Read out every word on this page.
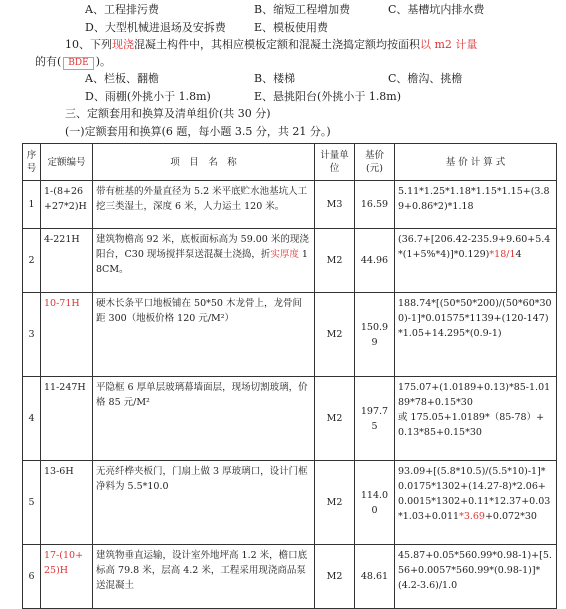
A、工程排污费	B、缩短工程增加费	C、基槽坑内排水费
D、大型机械进退场及安拆费	E、模板使用费
10、下列现浇混凝土构件中，其相应模板定额和混凝土浇捣定额均按面积以 m2 计量
的有( BDE )。
A、栏板、翻檐	B、楼梯	C、檐沟、挑檐
D、雨棚(外挑小于 1.8m)	E、悬挑阳台(外挑小于 1.8m)
三、定额套用和换算及清单组价(共 30 分)
(一)定额套用和换算(6 题，每小题 3.5 分，共 21 分。)
序号	定额编号	项　目　名　称	计量单位	基价(元)	基 价 计 算 式
1	1-(8+26+27*2)H	带有桩基的外量直径为 5.2 米平底贮水池基坑人工挖三类湿土，深度 6 米，人力运土 120 米。	M3	16.59	5.11*1.25*1.18*1.15*1.15+(3.89+0.86*2)*1.18
2	4-221H	建筑物檐高 92 米，底板面标高为 59.00 米的现浇阳台，C30 现场搅拌泵送混凝土浇捣，折实厚度 18CM。	M2	44.96	(36.7+[206.42-235.9+9.60+5.4*(1+5%*4)]*0.129)*18/14
3	10-71H	硬木长条平口地板铺在 50*50 木龙骨上，龙骨间距 300（地板价格 120 元/M²）	M2	150.99	188.74*[(50*50*200)/(50*60*300)-1]*0.01575*1139+(120-147)*1.05+14.295*(0.9-1)
4	11-247H	平隐框 6 厚单层玻璃幕墙面层，现场切割玻璃，价格 85 元/M²	M2	197.75	175.07+(1.0189+0.13)*85-1.0189*78+0.15*30
或 175.05+1.0189*（85-78）+0.13*85+0.15*30
5	13-6H	无亮纤桦夹板门，门扇上做 3 厚玻璃口，设计门框净料为 5.5*10.0	M2	114.00	93.09+[(5.8*10.5)/(5.5*10)-1]*0.0175*1302+(14.27-8)*2.06+0.0015*1302+0.11*12.37+0.03*1.03+0.011*3.69+0.072*30
6	17-(10+25)H	建筑物垂直运输，设计室外地坪高 1.2 米，檐口底标高 79.8 米，层高 4.2 米，工程采用现浇商品泵送混凝土	M2	48.61	45.87+0.05*560.99*0.98-1)+[5.56+0.0057*560.99*(0.98-1)]*(4.2-3.6)/1.0
